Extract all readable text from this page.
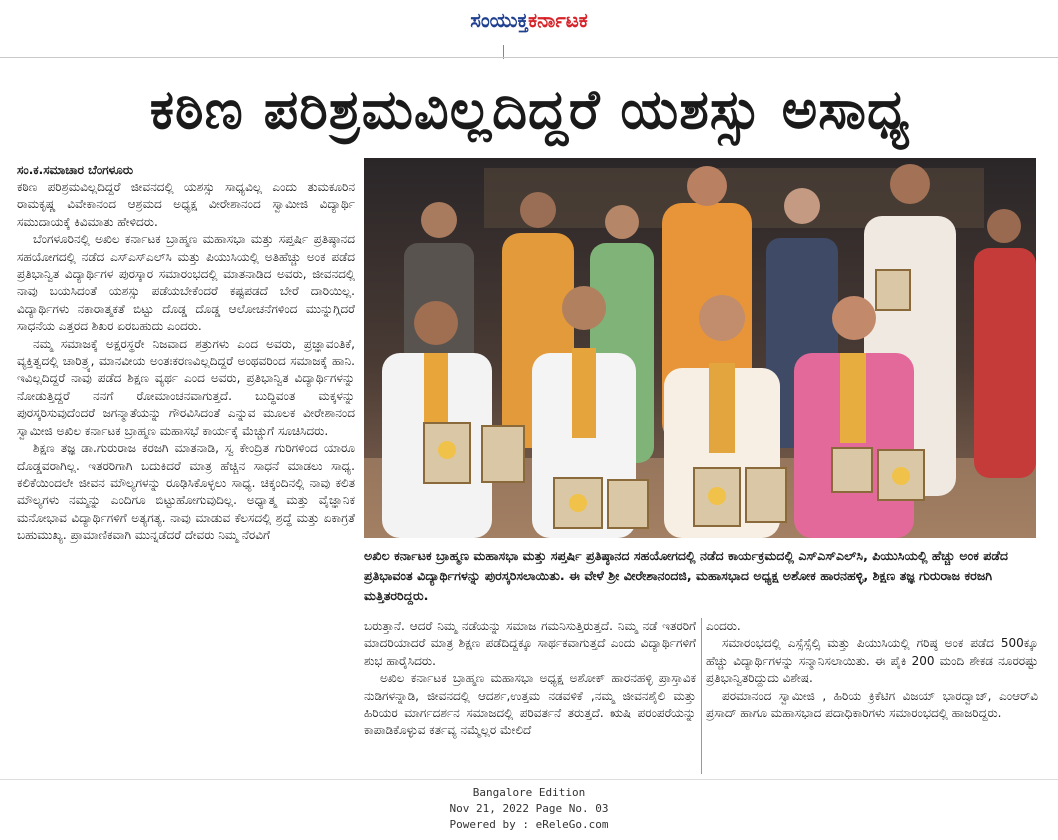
ಸಂಯುಕ್ತಕರ್ನಾಟಕ
ಕಠಿಣ ಪರಿಶ್ರಮವಿಲ್ಲದಿದ್ದರೆ ಯಶಸ್ಸು ಅಸಾಧ್ಯ
ಸಂ.ಕ.ಸಮಾಚಾರ ಬೆಂಗಳೂರು

ಕಠಿಣ ಪರಿಶ್ರಮವಿಲ್ಲದಿದ್ದರೆ ಜೀವನದಲ್ಲಿ ಯಶಸ್ಸು ಸಾಧ್ಯವಿಲ್ಲ ಎಂದು ತುಮಕೂರಿನ ರಾಮಕೃಷ್ಣ ವಿವೇಕಾನಂದ ಆಶ್ರಮದ ಅಧ್ಯಕ್ಷ ವೀರೇಶಾನಂದ ಸ್ವಾಮೀಜಿ ವಿದ್ಯಾರ್ಥಿ ಸಮುದಾಯಕ್ಕೆ ಕಿವಿಮಾತು ಹೇಳಿದರು.

ಬೆಂಗಳೂರಿನಲ್ಲಿ ಅಖಿಲ ಕರ್ನಾಟಕ ಬ್ರಾಹ್ಮಣ ಮಹಾಸಭಾ ಮತ್ತು ಸಪ್ತರ್ಷಿ ಪ್ರತಿಷ್ಠಾನದ ಸಹಯೋಗದಲ್ಲಿ ನಡೆದ ಎಸ್‌ಎಸ್‌ಎಲ್‌ಸಿ ಮತ್ತು ಪಿಯುಸಿಯಲ್ಲಿ ಅತಿಹೆಚ್ಚು ಅಂಕ ಪಡೆದ ಪ್ರತಿಭಾನ್ವಿತ ವಿದ್ಯಾರ್ಥಿಗಳ ಪುರಸ್ಕಾರ ಸಮಾರಂಭದಲ್ಲಿ ಮಾತನಾಡಿದ ಅವರು, ಜೀವನದಲ್ಲಿ ನಾವು ಬಯಸಿದಂತೆ ಯಶಸ್ಸು ಪಡೆಯಬೇಕೆಂದರೆ ಕಷ್ಟಪಡದೆ ಬೇರೆ ದಾರಿಯಿಲ್ಲ. ವಿದ್ಯಾರ್ಥಿಗಳು ನಕಾರಾತ್ಮಕತೆ ಬಿಟ್ಟು ದೊಡ್ಡ ದೊಡ್ಡ ಆಲೋಚನೆಗಳಿಂದ ಮುನ್ನುಗ್ಗಿದರೆ ಸಾಧನೆಯ ಎತ್ತರದ ಶಿಖರ ಏರಬಹುದು ಎಂದರು.

ನಮ್ಮ ಸಮಾಜಕ್ಕೆ ಅಕ್ಷರಸ್ಥರೇ ನಿಜವಾದ ಶತ್ರುಗಳು ಎಂದ ಅವರು, ಪ್ರಜ್ಞಾವಂತಿಕೆ, ವ್ಯಕ್ತಿತ್ವದಲ್ಲಿ ಚಾರಿತ್ರ್ಯ, ಮಾನವೀಯ ಅಂತಃಕರಣವಿಲ್ಲದಿದ್ದರೆ ಅಂಥವರಿಂದ ಸಮಾಜಕ್ಕೆ ಹಾನಿ. ಇವಿಲ್ಲದಿದ್ದರೆ ನಾವು ಪಡೆದ ಶಿಕ್ಷಣ ವ್ಯರ್ಥ ಎಂದ ಅವರು, ಪ್ರತಿಭಾನ್ವಿತ ವಿದ್ಯಾರ್ಥಿಗಳನ್ನು ನೋಡುತ್ತಿದ್ದರೆ ನನಗೆ ರೋಮಾಂಚನವಾಗುತ್ತದೆ. ಬುದ್ಧಿವಂತ ಮಕ್ಕಳನ್ನು ಪುರಸ್ಕರಿಸುವುದೆಂದರೆ ಜಗನ್ಮಾತೆಯನ್ನು ಗೌರವಿಸಿದಂತೆ ಎನ್ನುವ ಮೂಲಕ ವೀರೇಶಾನಂದ ಸ್ವಾಮೀಜಿ ಅಖಿಲ ಕರ್ನಾಟಕ ಬ್ರಾಹ್ಮಣ ಮಹಾಸಭೆ ಕಾರ್ಯಕ್ಕೆ ಮೆಚ್ಚುಗೆ ಸೂಚಿಸಿದರು.

ಶಿಕ್ಷಣ ತಜ್ಞ ಡಾ.ಗುರುರಾಜ ಕರಜಗಿ ಮಾತನಾಡಿ, ಸ್ವ ಕೇಂದ್ರಿತ ಗುರಿಗಳಿಂದ ಯಾರೂ ದೊಡ್ಡವರಾಗಿಲ್ಲ. ಇತರರಿಗಾಗಿ ಬದುಕಿದರೆ ಮಾತ್ರ ಹೆಚ್ಚಿನ ಸಾಧನೆ ಮಾಡಲು ಸಾಧ್ಯ. ಕಲಿಕೆಯಿಂದಲೇ ಜೀವನ ಮೌಲ್ಯಗಳನ್ನು ರೂಢಿಸಿಕೊಳ್ಳಲು ಸಾಧ್ಯ. ಚಿಕ್ಕಂದಿನಲ್ಲಿ ನಾವು ಕಲಿತ ಮೌಲ್ಯಗಳು ನಮ್ಮನ್ನು ಎಂದಿಗೂ ಬಿಟ್ಟುಹೋಗುವುದಿಲ್ಲ. ಅಧ್ಯಾತ್ಮ ಮತ್ತು ವೈಜ್ಞಾನಿಕ ಮನೋಭಾವ ವಿದ್ಯಾರ್ಥಿಗಳಿಗೆ ಅತ್ಯಗತ್ಯ. ನಾವು ಮಾಡುವ ಕೆಲಸದಲ್ಲಿ ಶ್ರದ್ಧೆ ಮತ್ತು ಏಕಾಗ್ರತೆ ಬಹುಮುಖ್ಯ. ಪ್ರಾಮಾಣಿಕವಾಗಿ ಮುನ್ನಡೆದರೆ ದೇವರು ನಿಮ್ಮ ನೆರವಿಗೆ

ಅಖಿಲ ಕರ್ನಾಟಕ ಬ್ರಾಹ್ಮಣ ಮಹಾಸಭಾ ಮತ್ತು ಸಪ್ತರ್ಷಿ ಪ್ರತಿಷ್ಠಾನದ ಸಹಯೋಗದಲ್ಲಿ ನಡೆದ ಕಾರ್ಯಕ್ರಮದಲ್ಲಿ ಎಸ್‌ಎಸ್‌ಎಲ್‌ಸಿ, ಪಿಯುಸಿಯಲ್ಲಿ ಹೆಚ್ಚು ಅಂಕ ಪಡೆದ ಪ್ರತಿಭಾವಂತ ವಿದ್ಯಾರ್ಥಿಗಳನ್ನು ಪುರಸ್ಕರಿಸಲಾಯಿತು. ಈ ವೇಳೆ ಶ್ರೀ ವೀರೇಶಾನಂದಜಿ, ಮಹಾಸಭಾದ ಅಧ್ಯಕ್ಷ ಅಶೋಕ ಹಾರನಹಳ್ಳಿ, ಶಿಕ್ಷಣ ತಜ್ಞ ಗುರುರಾಜ ಕರಜಗಿ ಮತ್ತಿತರರಿದ್ದರು.

ಬರುತ್ತಾನೆ. ಆದರೆ ನಿಮ್ಮ ನಡೆಯನ್ನು ಸಮಾಜ ಗಮನಿಸುತ್ತಿರುತ್ತದೆ. ನಿಮ್ಮ ನಡೆ ಇತರರಿಗೆ ಮಾದರಿಯಾದರೆ ಮಾತ್ರ ಶಿಕ್ಷಣ ಪಡೆದಿದ್ದಕ್ಕೂ ಸಾರ್ಥಕವಾಗುತ್ತದೆ ಎಂದು ವಿದ್ಯಾರ್ಥಿಗಳಿಗೆ ಶುಭ ಹಾರೈಸಿದರು.

ಅಖಿಲ ಕರ್ನಾಟಕ ಬ್ರಾಹ್ಮಣ ಮಹಾಸಭಾ ಅಧ್ಯಕ್ಷ ಅಶೋಕ್ ಹಾರನಹಳ್ಳಿ ಪ್ರಾಸ್ತಾವಿಕ ನುಡಿಗಳನ್ನಾಡಿ, ಜೀವನದಲ್ಲಿ ಆದರ್ಶ,ಉತ್ತಮ ನಡವಳಿಕೆ ,ನಮ್ಮ ಜೀವನಶೈಲಿ ಮತ್ತು ಹಿರಿಯರ ಮಾರ್ಗದರ್ಶನ ಸಮಾಜದಲ್ಲಿ ಪರಿವರ್ತನೆ ತರುತ್ತದೆ. ಋಷಿ ಪರಂಪರೆಯನ್ನು ಕಾಪಾಡಿಕೊಳ್ಳುವ ಕರ್ತವ್ಯ ನಮ್ಮೆಲ್ಲರ ಮೇಲಿದೆ

ಎಂದರು.

ಸಮಾರಂಭದಲ್ಲಿ ಎಸ್ಸೆಸ್ಸೆಲ್ಸಿ ಮತ್ತು ಪಿಯುಸಿಯಲ್ಲಿ ಗರಿಷ್ಠ ಅಂಕ ಪಡೆದ 500ಕ್ಕೂ ಹೆಚ್ಚು ವಿದ್ಯಾರ್ಥಿಗಳನ್ನು ಸನ್ಮಾನಿಸಲಾಯಿತು. ಈ ಪೈಕಿ 200 ಮಂದಿ ಶೇಕಡ ನೂರರಷ್ಟು ಪ್ರತಿಭಾನ್ವಿತರಿದ್ದುದು ವಿಶೇಷ.

ಪರಮಾನಂದ ಸ್ವಾಮೀಜಿ , ಹಿರಿಯ ಕ್ರಿಕೆಟಿಗ ವಿಜಯ್ ಭಾರದ್ವಾಜ್, ಎಂಆರ್‌ವಿ ಪ್ರಸಾದ್ ಹಾಗೂ ಮಹಾಸಭಾದ ಪದಾಧಿಕಾರಿಗಳು ಸಮಾರಂಭದಲ್ಲಿ ಹಾಜರಿದ್ದರು.

Bangalore Edition
Nov 21, 2022 Page No. 03
Powered by : eReleGo.com
